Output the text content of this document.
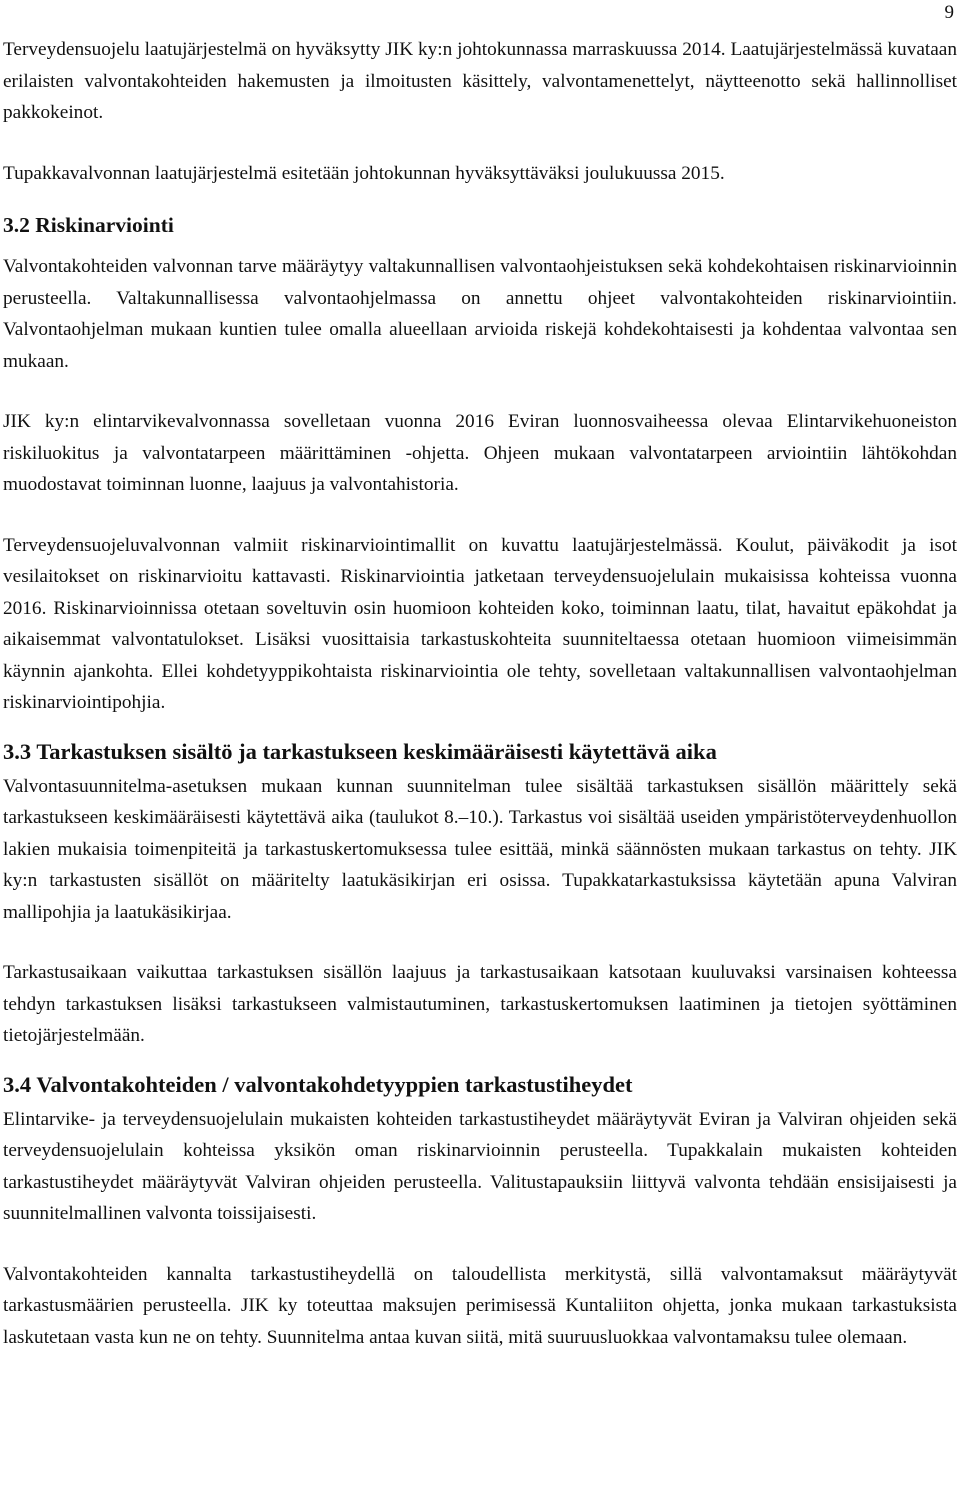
9

Terveydensuojelu laatujärjestelmä on hyväksytty JIK ky:n johtokunnassa marraskuussa 2014. Laatujärjestelmässä kuvataan erilaisten valvontakohteiden hakemusten ja ilmoitusten käsittely, valvontamenettelyt, näytteenotto sekä hallinnolliset pakkokeinot.

Tupakkavalvonnan laatujärjestelmä esitetään johtokunnan hyväksyttäväksi joulukuussa 2015.

3.2 Riskinarviointi

Valvontakohteiden valvonnan tarve määräytyy valtakunnallisen valvontaohjeistuksen sekä kohdekohtaisen riskinarvioinnin perusteella. Valtakunnallisessa valvontaohjelmassa on annettu ohjeet valvontakohteiden riskinarviointiin. Valvontaohjelman mukaan kuntien tulee omalla alueellaan arvioida riskejä kohdekohtaisesti ja kohdentaa valvontaa sen mukaan.

JIK ky:n elintarvikevalvonnassa sovelletaan vuonna 2016 Eviran luonnosvaiheessa olevaa Elintarvikehuoneiston riskiluokitus ja valvontatarpeen määrittäminen -ohjetta. Ohjeen mukaan valvontatarpeen arviointiin lähtökohdan muodostavat toiminnan luonne, laajuus ja valvontahistoria.

Terveydensuojeluvalvonnan valmiit riskinarviointimallit on kuvattu laatujärjestelmässä. Koulut, päiväkodit ja isot vesilaitokset on riskinarvioitu kattavasti. Riskinarviointia jatketaan terveydensuojelulain mukaisissa kohteissa vuonna 2016. Riskinarvioinnissa otetaan soveltuvin osin huomioon kohteiden koko, toiminnan laatu, tilat, havaitut epäkohdat ja aikaisemmat valvontatulokset. Lisäksi vuosittaisia tarkastuskohteita suunniteltaessa otetaan huomioon viimeisimmän käynnin ajankohta. Ellei kohdetyyppikohtaista riskinarviointia ole tehty, sovelletaan valtakunnallisen valvontaohjelman riskinarviointipohjia.

3.3 Tarkastuksen sisältö ja tarkastukseen keskimääräisesti käytettävä aika

Valvontasuunnitelma-asetuksen mukaan kunnan suunnitelman tulee sisältää tarkastuksen sisällön määrittely sekä tarkastukseen keskimääräisesti käytettävä aika (taulukot 8.–10.). Tarkastus voi sisältää useiden ympäristöterveydenhuollon lakien mukaisia toimenpiteitä ja tarkastuskertomuksessa tulee esittää, minkä säännösten mukaan tarkastus on tehty. JIK ky:n tarkastusten sisällöt on määritelty laatukäsikirjan eri osissa. Tupakkatarkastuksissa käytetään apuna Valviran mallipohjia ja laatukäsikirjaa.

Tarkastusaikaan vaikuttaa tarkastuksen sisällön laajuus ja tarkastusaikaan katsotaan kuuluvaksi varsinaisen kohteessa tehdyn tarkastuksen lisäksi tarkastukseen valmistautuminen, tarkastuskertomuksen laatiminen ja tietojen syöttäminen tietojärjestelmään.

3.4 Valvontakohteiden / valvontakohdetyyppien tarkastustiheydet

Elintarvike- ja terveydensuojelulain mukaisten kohteiden tarkastustiheydet määräytyvät Eviran ja Valviran ohjeiden sekä terveydensuojelulain kohteissa yksikön oman riskinarvioinnin perusteella. Tupakkalain mukaisten kohteiden tarkastustiheydet määräytyvät Valviran ohjeiden perusteella. Valitustapauksiin liittyvä valvonta tehdään ensisijaisesti ja suunnitelmallinen valvonta toissijaisesti.

Valvontakohteiden kannalta tarkastustiheydellä on taloudellista merkitystä, sillä valvontamaksut määräytyvät tarkastusmäärien perusteella. JIK ky toteuttaa maksujen perimisessä Kuntaliiton ohjetta, jonka mukaan tarkastuksista laskutetaan vasta kun ne on tehty. Suunnitelma antaa kuvan siitä, mitä suuruusluokkaa valvontamaksu tulee olemaan.
